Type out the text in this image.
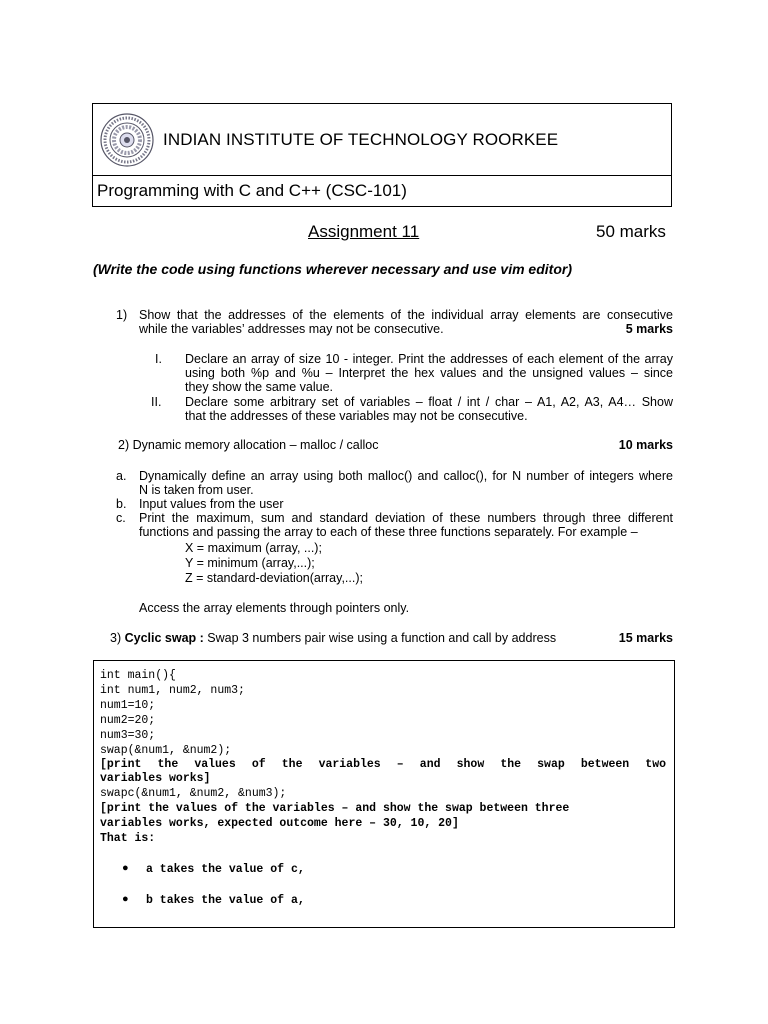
INDIAN INSTITUTE OF TECHNOLOGY ROORKEE
Programming with C and C++ (CSC-101)
Assignment 11	50 marks
(Write the code using functions wherever necessary and use vim editor)
1) Show that the addresses of the elements of the individual array elements are consecutive
while the variables’ addresses may not be consecutive.	5 marks
I. Declare an array of size 10 - integer. Print the addresses of each element of the array
using both %p and %u – Interpret the hex values and the unsigned values – since
they show the same value.
II. Declare some arbitrary set of variables – float / int / char – A1, A2, A3, A4… Show
that the addresses of these variables may not be consecutive.
2) Dynamic memory allocation – malloc / calloc	10 marks
a. Dynamically define an array using both malloc() and calloc(), for N number of integers where
N is taken from user.
b. Input values from the user
c. Print the maximum, sum and standard deviation of these numbers through three different
functions and passing the array to each of these three functions separately. For example –
X = maximum (array, ...);
Y = minimum (array,...);
Z = standard-deviation(array,...);
Access the array elements through pointers only.
3) Cyclic swap : Swap 3 numbers pair wise using a function and call by address	15 marks
int main(){
int num1, num2, num3;
num1=10;
num2=20;
num3=30;
swap(&num1, &num2);
[print the values of the variables – and show the swap between two
variables works]
swapc(&num1, &num2, &num3);
[print the values of the variables – and show the swap between three
variables works, expected outcome here – 30, 10, 20]
That is:
● a takes the value of c,
● b takes the value of a,
